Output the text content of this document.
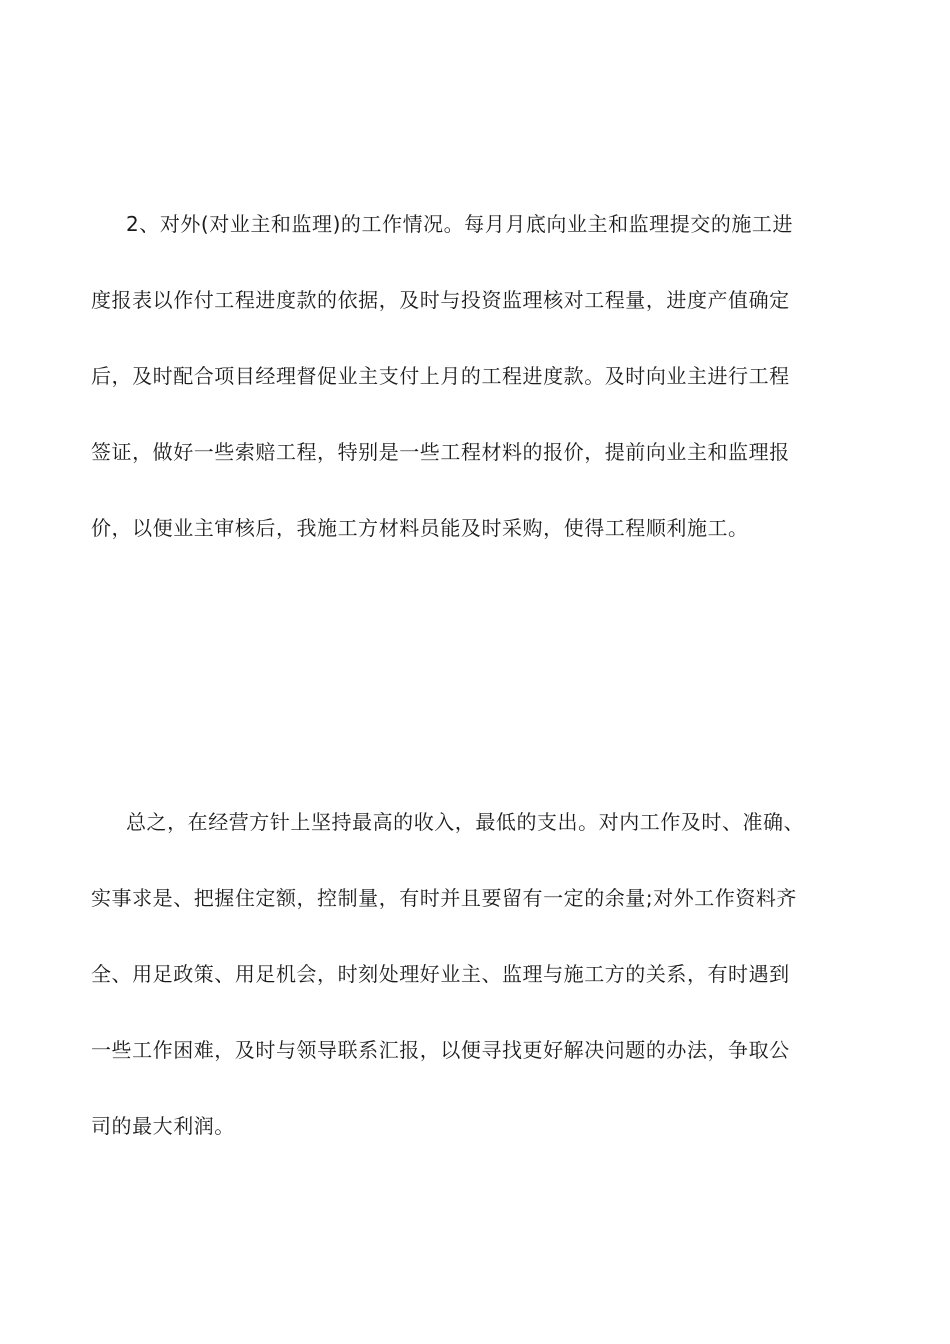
2、对外(对业主和监理)的工作情况。每月月底向业主和监理提交的施工进
度报表以作付工程进度款的依据，及时与投资监理核对工程量，进度产值确定
后，及时配合项目经理督促业主支付上月的工程进度款。及时向业主进行工程
签证，做好一些索赔工程，特别是一些工程材料的报价，提前向业主和监理报
价，以便业主审核后，我施工方材料员能及时采购，使得工程顺利施工。
总之，在经营方针上坚持最高的收入，最低的支出。对内工作及时、准确、
实事求是、把握住定额，控制量，有时并且要留有一定的余量;对外工作资料齐
全、用足政策、用足机会，时刻处理好业主、监理与施工方的关系，有时遇到
一些工作困难，及时与领导联系汇报，以便寻找更好解决问题的办法，争取公
司的最大利润。
